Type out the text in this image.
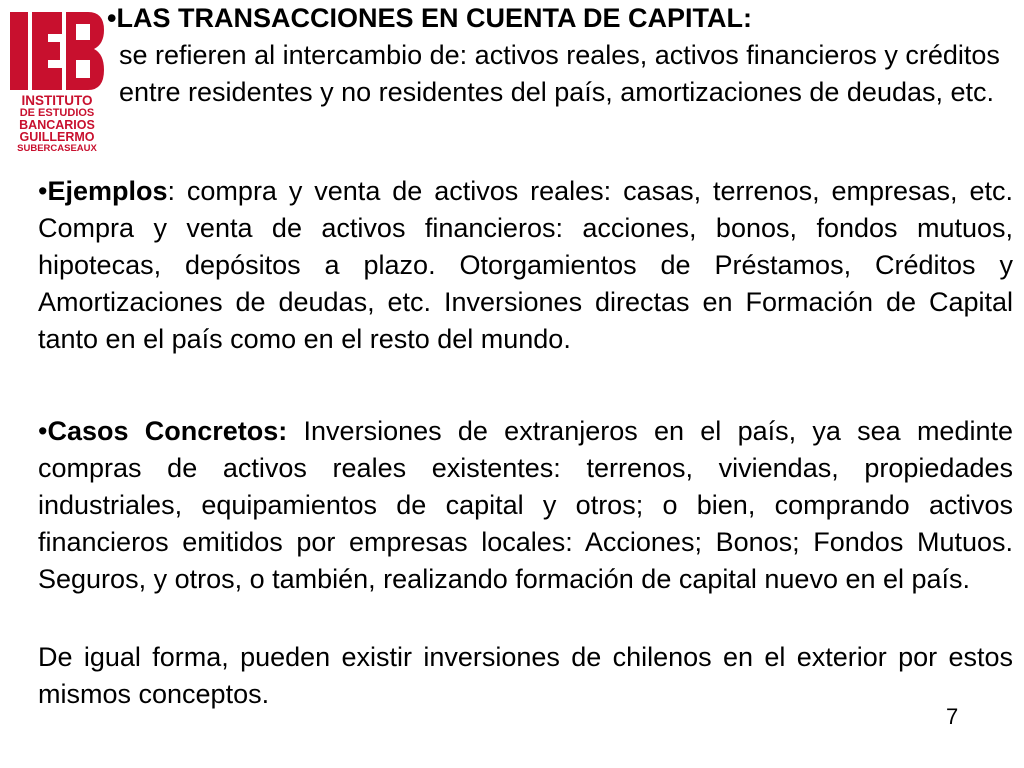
INSTITUTO
DE ESTUDIOS
BANCARIOS
GUILLERMO
SUBERCASEAUX

•LAS TRANSACCIONES EN CUENTA DE CAPITAL:

se refieren al intercambio de: activos reales, activos financieros y créditos entre residentes y no residentes del país, amortizaciones de deudas, etc.

•Ejemplos: compra y venta de activos reales: casas, terrenos, empresas, etc. Compra y venta de activos financieros: acciones, bonos, fondos mutuos, hipotecas, depósitos a plazo. Otorgamientos de Préstamos, Créditos y Amortizaciones de deudas, etc. Inversiones directas en Formación de Capital tanto en el país como en el resto del mundo.

•Casos Concretos: Inversiones de extranjeros en el país, ya sea medinte compras de activos reales existentes: terrenos, viviendas, propiedades industriales, equipamientos de capital y otros; o bien, comprando activos financieros emitidos por empresas locales: Acciones; Bonos; Fondos Mutuos. Seguros, y otros, o también, realizando formación de capital nuevo en el país.

De igual forma, pueden existir inversiones de chilenos en el exterior por estos mismos conceptos.

7
